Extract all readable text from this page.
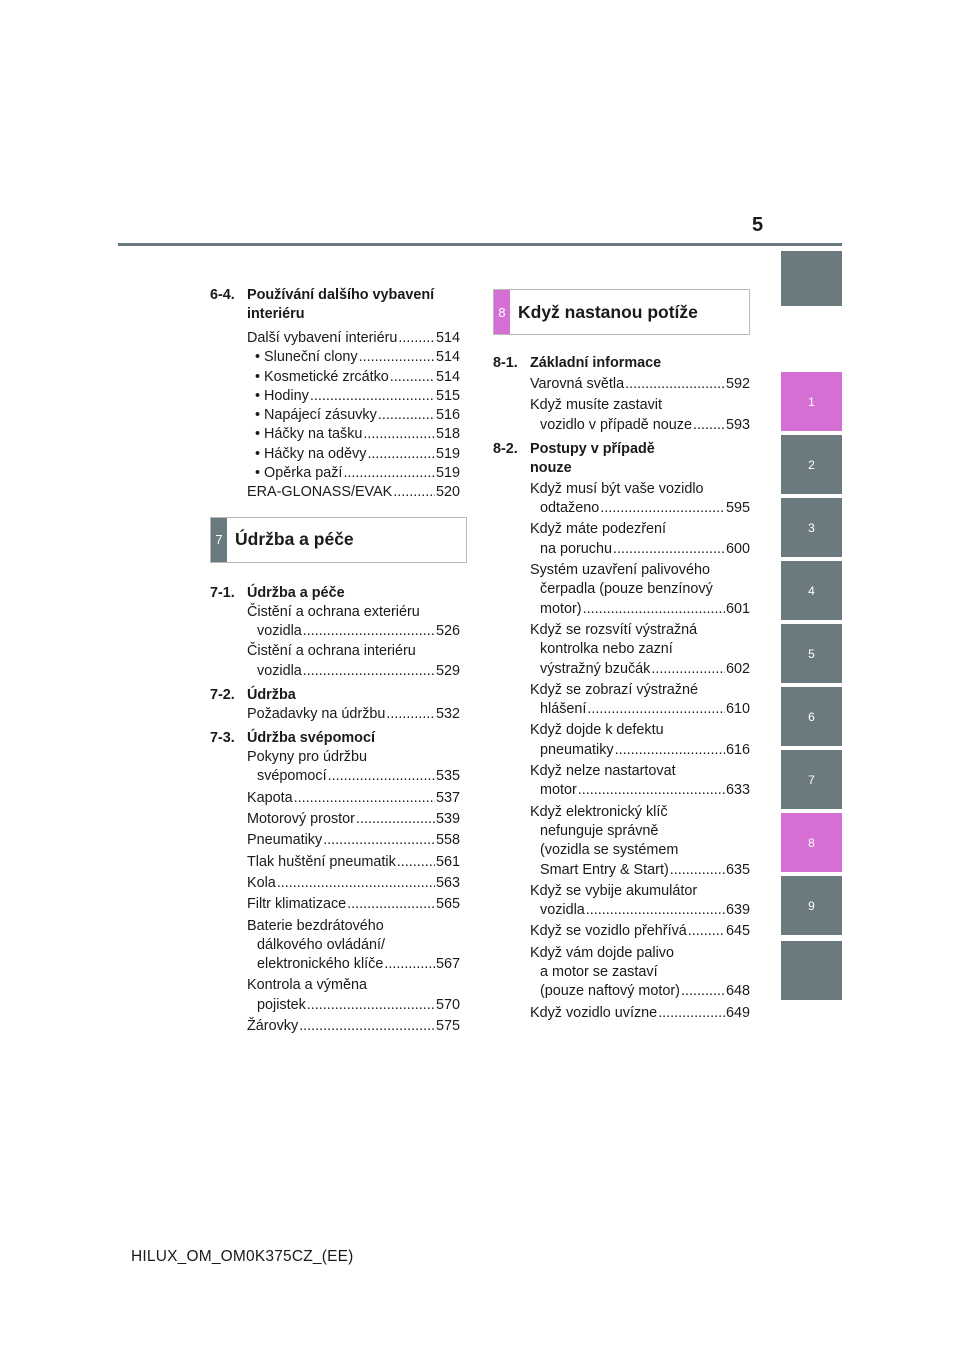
5
6-4. Používání dalšího vybavení
interiéru
Další vybavení interiéru .....	514
• Sluneční clony .....	514
• Kosmetické zrcátko .....	514
• Hodiny .....	515
• Napájecí zásuvky .....	516
• Háčky na tašku .....	518
• Háčky na oděvy .....	519
• Opěrka paží .....	519
ERA-GLONASS/EVAK .....	520
7 Údržba a péče
7-1. Údržba a péče
Čistění a ochrana exteriéru
vozidla .....	526
Čistění a ochrana interiéru
vozidla .....	529
7-2. Údržba
Požadavky na údržbu .....	532
7-3. Údržba svépomocí
Pokyny pro údržbu
svépomocí .....	535
Kapota .....	537
Motorový prostor .....	539
Pneumatiky .....	558
Tlak huštění pneumatik .....	561
Kola .....	563
Filtr klimatizace .....	565
Baterie bezdrátového
dálkového ovládání/
elektronického klíče .....	567
Kontrola a výměna
pojistek .....	570
Žárovky .....	575
8 Když nastanou potíže
8-1. Základní informace
Varovná světla .....	592
Když musíte zastavit
vozidlo v případě nouze ..... 593
8-2. Postupy v případě
nouze
Když musí být vaše vozidlo
odtaženo .....	595
Když máte podezření
na poruchu .....	600
Systém uzavření palivového
čerpadla (pouze benzínový
motor) .....	601
Když se rozsvítí výstražná
kontrolka nebo zazní
výstražný bzučák .....	602
Když se zobrazí výstražné
hlášení .....	610
Když dojde k defektu
pneumatiky .....	616
Když nelze nastartovat
motor .....	633
Když elektronický klíč
nefunguje správně
(vozidla se systémem
Smart Entry & Start) .....	635
Když se vybije akumulátor
vozidla .....	639
Když se vozidlo přehřívá .....	645
Když vám dojde palivo
a motor se zastaví
(pouze naftový motor) .....	648
Když vozidlo uvízne .....	649
1
2
3
4
5
6
7
8
9
HILUX_OM_OM0K375CZ_(EE)
